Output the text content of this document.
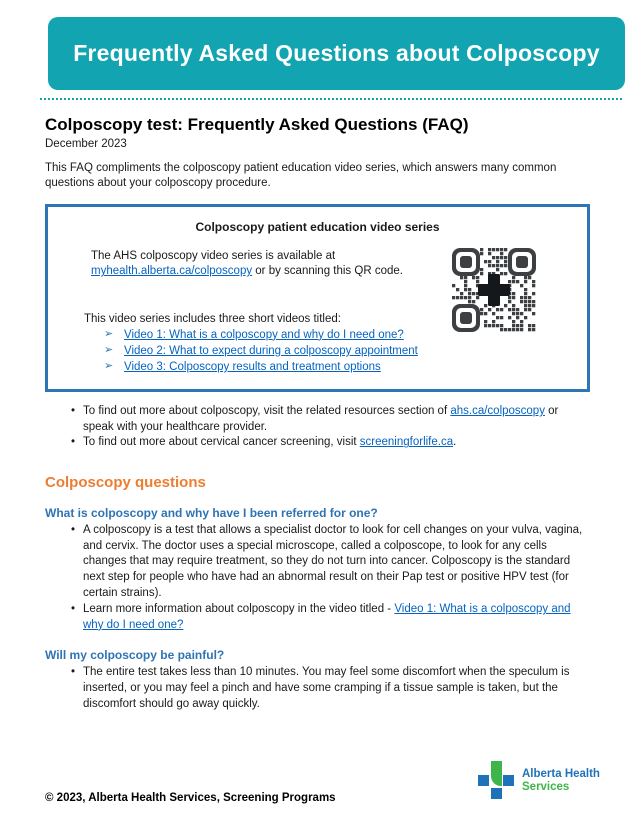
Frequently Asked Questions about Colposcopy
Colposcopy test: Frequently Asked Questions (FAQ)
December 2023

This FAQ compliments the colposcopy patient education video series, which answers many common questions about your colposcopy procedure.

Colposcopy patient education video series

The AHS colposcopy video series is available at myhealth.alberta.ca/colposcopy or by scanning this QR code.

This video series includes three short videos titled:

➢ Video 1: What is a colposcopy and why do I need one?
➢ Video 2: What to expect during a colposcopy appointment
➢ Video 3: Colposcopy results and treatment options
• To find out more about colposcopy, visit the related resources section of ahs.ca/colposcopy or speak with your healthcare provider.
• To find out more about cervical cancer screening, visit screeningforlife.ca.
Colposcopy questions
What is colposcopy and why have I been referred for one?
• A colposcopy is a test that allows a specialist doctor to look for cell changes on your vulva, vagina, and cervix. The doctor uses a special microscope, called a colposcope, to look for any cells changes that may require treatment, so they do not turn into cancer. Colposcopy is the standard next step for people who have had an abnormal result on their Pap test or positive HPV test (for certain strains).
• Learn more information about colposcopy in the video titled - Video 1: What is a colposcopy and why do I need one?
Will my colposcopy be painful?
• The entire test takes less than 10 minutes. You may feel some discomfort when the speculum is inserted, or you may feel a pinch and have some cramping if a tissue sample is taken, but the discomfort should go away quickly.
Alberta Health
Services
© 2023, Alberta Health Services, Screening Programs
